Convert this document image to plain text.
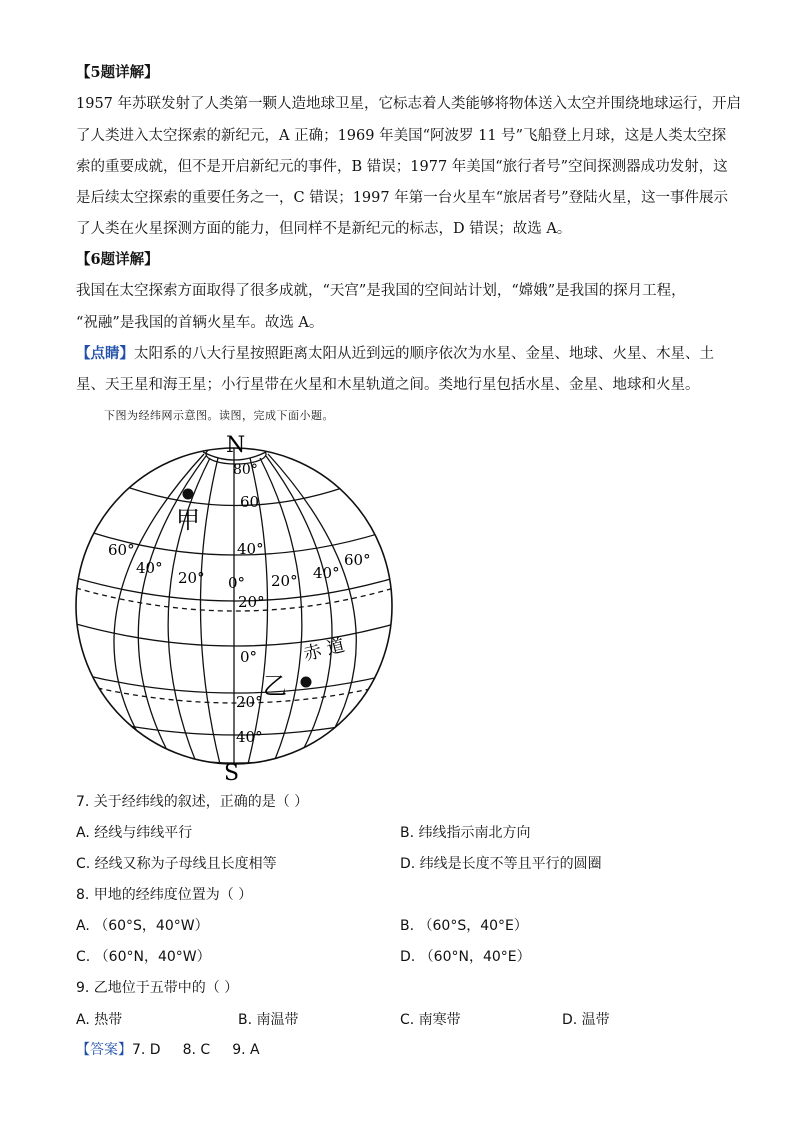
【5题详解】
1957 年苏联发射了人类第一颗人造地球卫星，它标志着人类能够将物体送入太空并围绕地球运行，开启
了人类进入太空探索的新纪元，A 正确；1969 年美国“阿波罗 11 号”飞船登上月球，这是人类太空探
索的重要成就，但不是开启新纪元的事件，B 错误；1977 年美国“旅行者号”空间探测器成功发射，这
是后续太空探索的重要任务之一，C 错误；1997 年第一台火星车“旅居者号”登陆火星，这一事件展示
了人类在火星探测方面的能力，但同样不是新纪元的标志，D 错误；故选 A。
【6题详解】
我国在太空探索方面取得了很多成就，“天宫”是我国的空间站计划，“嫦娥”是我国的探月工程，
“祝融”是我国的首辆火星车。故选 A。
【点睛】太阳系的八大行星按照距离太阳从近到远的顺序依次为水星、金星、地球、火星、木星、土
星、天王星和海王星；小行星带在火星和木星轨道之间。类地行星包括水星、金星、地球和火星。
下图为经纬网示意图。读图，完成下面小题。
N
S
80°
60
40°
20°
0°
20°
40°
60°
40°
20° 0° 20° 40°
60°
赤 道
甲
乙
7. 关于经纬线的叙述，正确的是（ ）
A. 经线与纬线平行	B. 纬线指示南北方向
C. 经线又称为子母线且长度相等	D. 纬线是长度不等且平行的圆圈
8. 甲地的经纬度位置为（ ）
A. （60°S，40°W）	B. （60°S，40°E）
C. （60°N，40°W）	D. （60°N，40°E）
9. 乙地位于五带中的（ ）
A. 热带	B. 南温带	C. 南寒带	D. 温带
【答案】7. D 8. C 9. A
